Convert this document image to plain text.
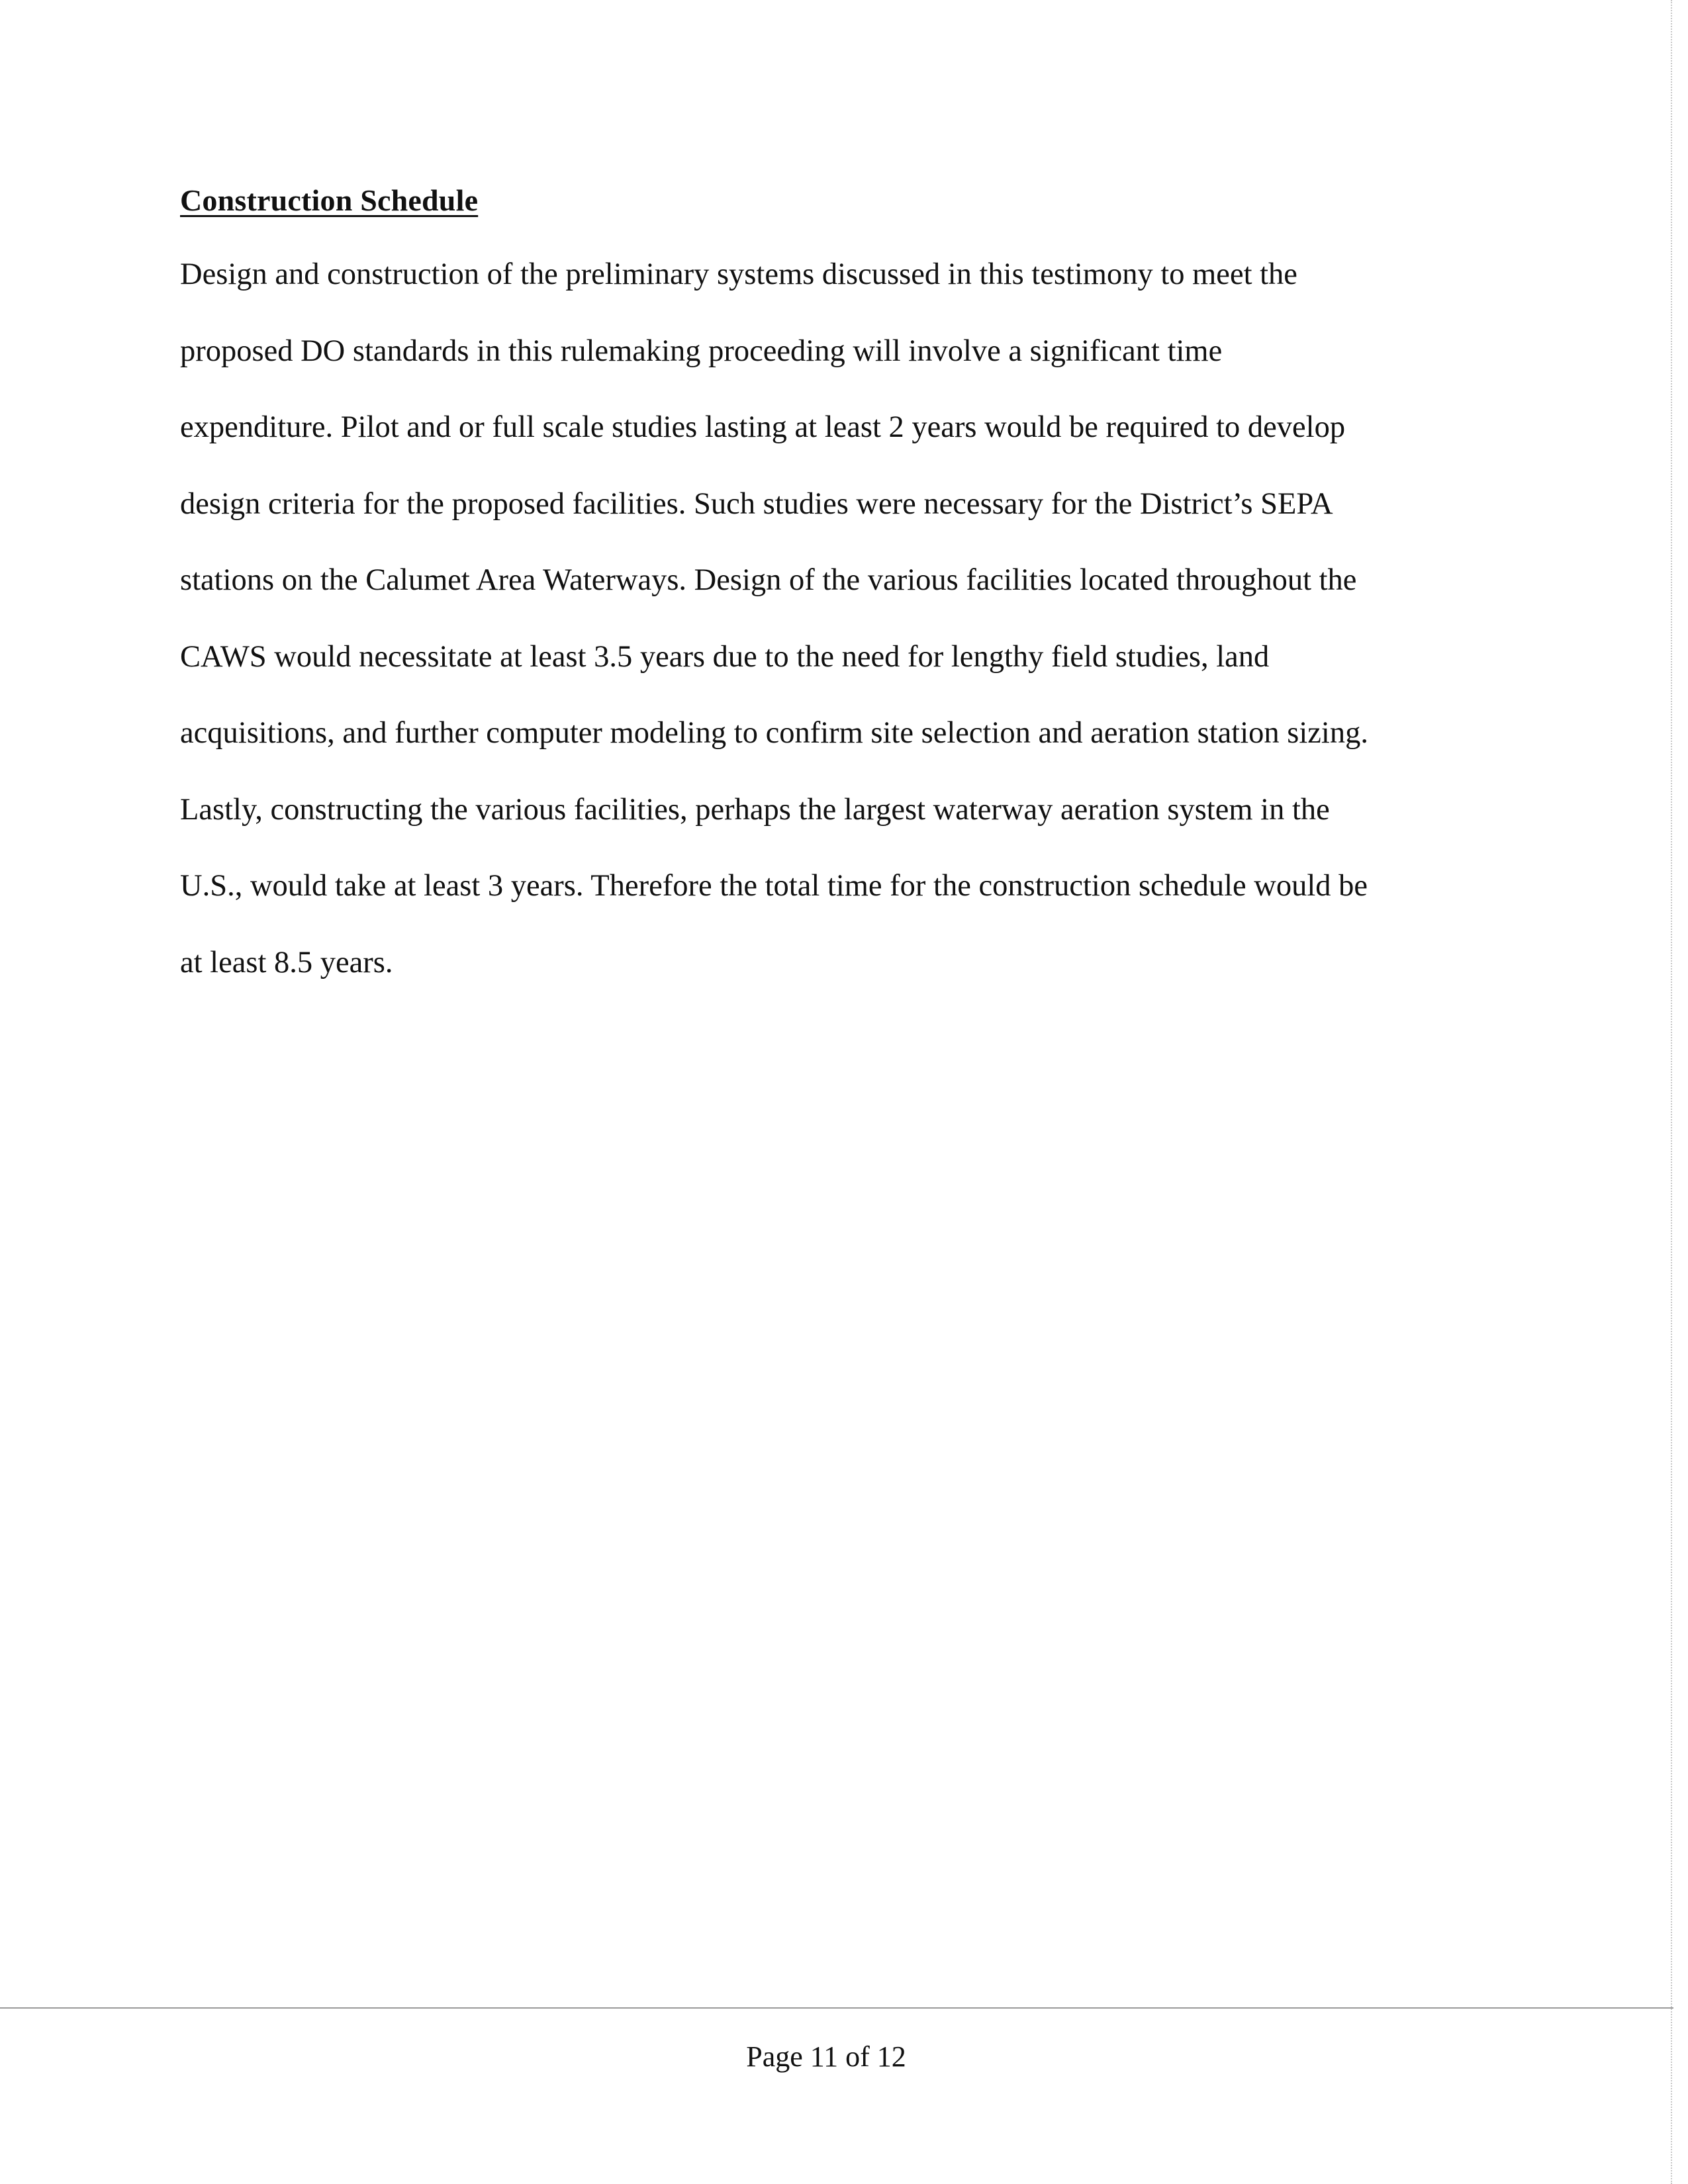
Construction Schedule
Design and construction of the preliminary systems discussed in this testimony to meet the
proposed DO standards in this rulemaking proceeding will involve a significant time
expenditure. Pilot and or full scale studies lasting at least 2 years would be required to develop
design criteria for the proposed facilities. Such studies were necessary for the District’s SEPA
stations on the Calumet Area Waterways. Design of the various facilities located throughout the
CAWS would necessitate at least 3.5 years due to the need for lengthy field studies, land
acquisitions, and further computer modeling to confirm site selection and aeration station sizing.
Lastly, constructing the various facilities, perhaps the largest waterway aeration system in the
U.S., would take at least 3 years. Therefore the total time for the construction schedule would be
at least 8.5 years.

Page 11 of 12
